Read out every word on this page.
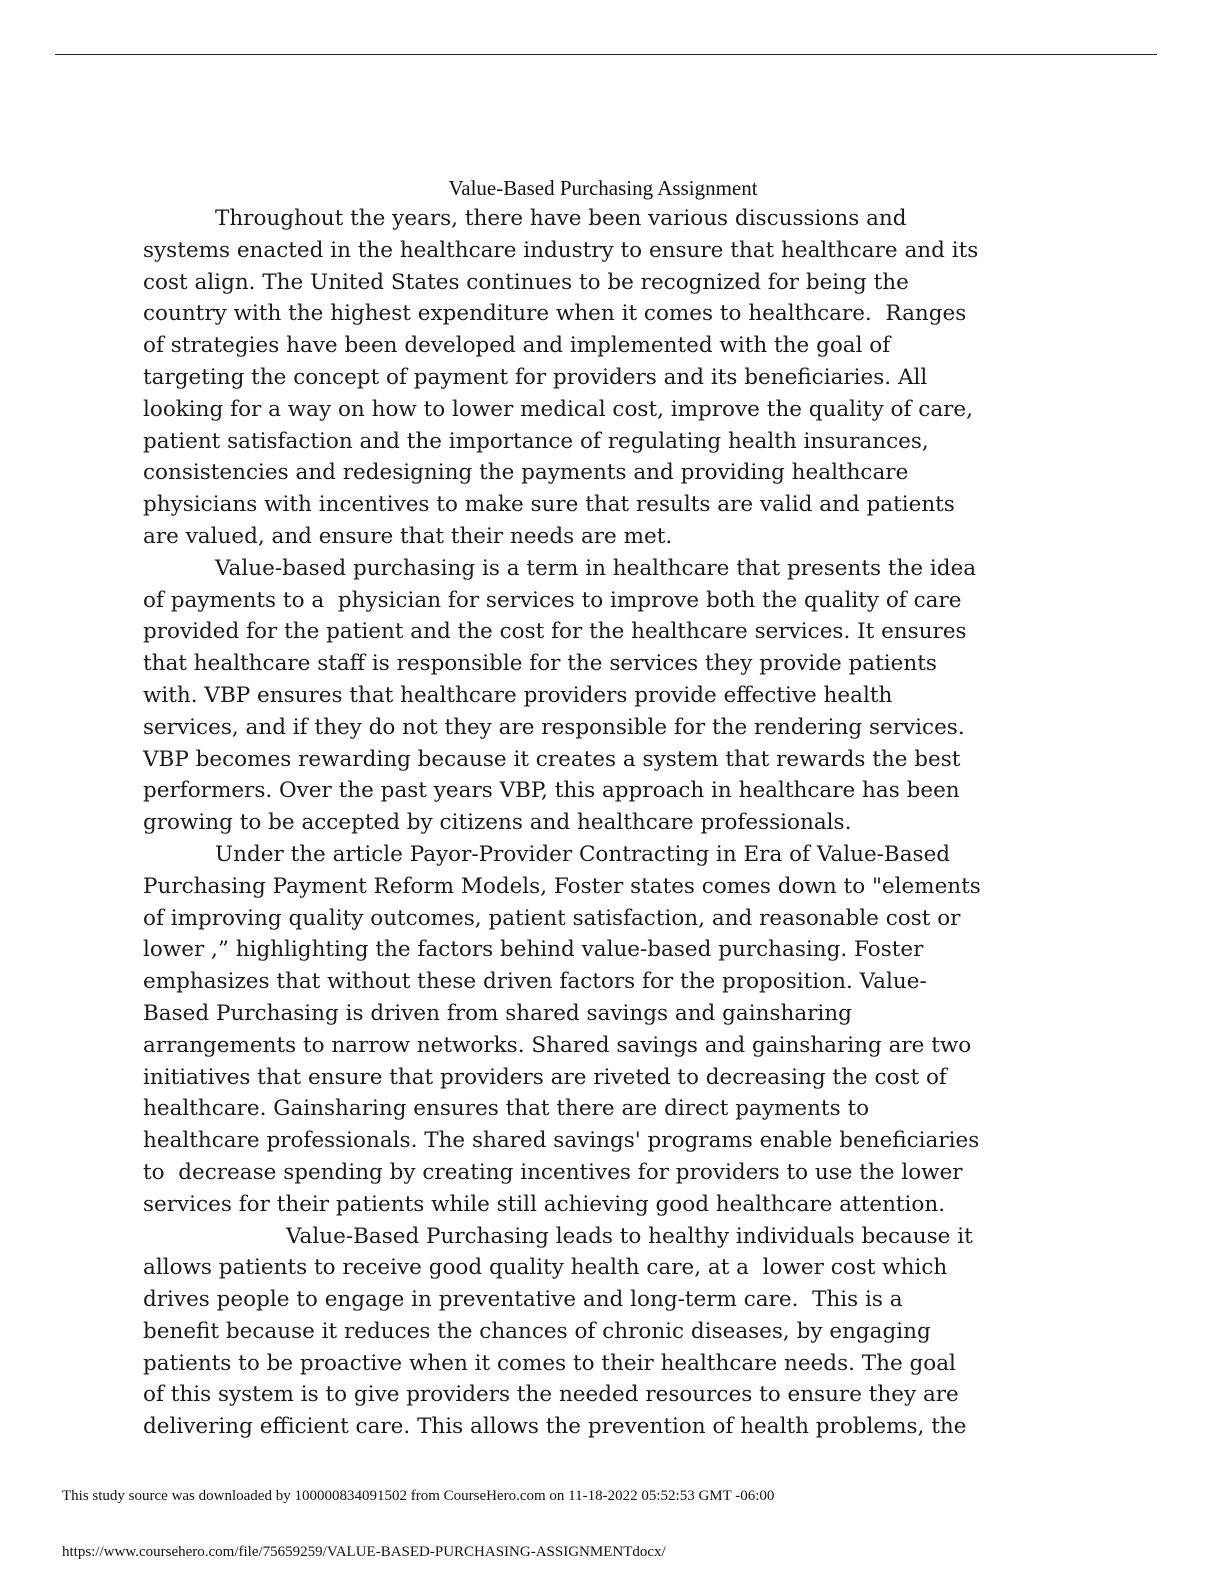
Value-Based Purchasing Assignment

Throughout the years, there have been various discussions and
systems enacted in the healthcare industry to ensure that healthcare and its
cost align. The United States continues to be recognized for being the
country with the highest expenditure when it comes to healthcare.  Ranges
of strategies have been developed and implemented with the goal of
targeting the concept of payment for providers and its beneficiaries. All
looking for a way on how to lower medical cost, improve the quality of care,
patient satisfaction and the importance of regulating health insurances,
consistencies and redesigning the payments and providing healthcare
physicians with incentives to make sure that results are valid and patients
are valued, and ensure that their needs are met.

Value-based purchasing is a term in healthcare that presents the idea
of payments to a  physician for services to improve both the quality of care
provided for the patient and the cost for the healthcare services. It ensures
that healthcare staff is responsible for the services they provide patients
with. VBP ensures that healthcare providers provide effective health
services, and if they do not they are responsible for the rendering services.
VBP becomes rewarding because it creates a system that rewards the best
performers. Over the past years VBP, this approach in healthcare has been
growing to be accepted by citizens and healthcare professionals.

Under the article Payor-Provider Contracting in Era of Value-Based
Purchasing Payment Reform Models, Foster states comes down to "elements
of improving quality outcomes, patient satisfaction, and reasonable cost or
lower ,” highlighting the factors behind value-based purchasing. Foster
emphasizes that without these driven factors for the proposition. Value-
Based Purchasing is driven from shared savings and gainsharing
arrangements to narrow networks. Shared savings and gainsharing are two
initiatives that ensure that providers are riveted to decreasing the cost of
healthcare. Gainsharing ensures that there are direct payments to
healthcare professionals. The shared savings' programs enable beneficiaries
to  decrease spending by creating incentives for providers to use the lower
services for their patients while still achieving good healthcare attention.

Value-Based Purchasing leads to healthy individuals because it
allows patients to receive good quality health care, at a  lower cost which
drives people to engage in preventative and long-term care.  This is a
benefit because it reduces the chances of chronic diseases, by engaging
patients to be proactive when it comes to their healthcare needs. The goal
of this system is to give providers the needed resources to ensure they are
delivering efficient care. This allows the prevention of health problems, the

This study source was downloaded by 100000834091502 from CourseHero.com on 11-18-2022 05:52:53 GMT -06:00
https://www.coursehero.com/file/75659259/VALUE-BASED-PURCHASING-ASSIGNMENTdocx/
